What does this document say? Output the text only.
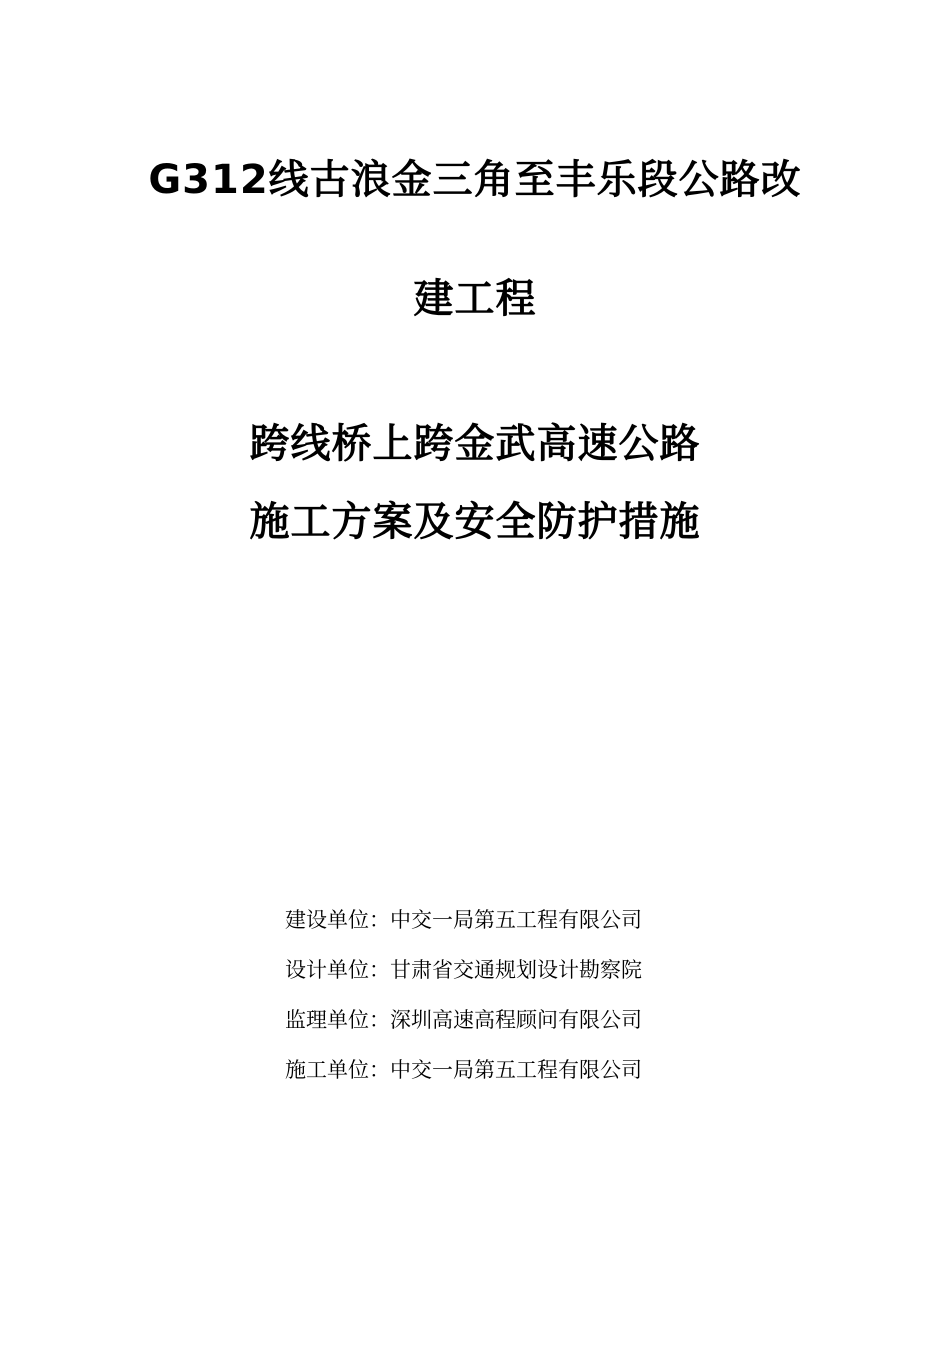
G312线古浪金三角至丰乐段公路改
建工程
跨线桥上跨金武高速公路
施工方案及安全防护措施
建设单位：中交一局第五工程有限公司
设计单位：甘肃省交通规划设计勘察院
监理单位：深圳高速高程顾问有限公司
施工单位：中交一局第五工程有限公司
